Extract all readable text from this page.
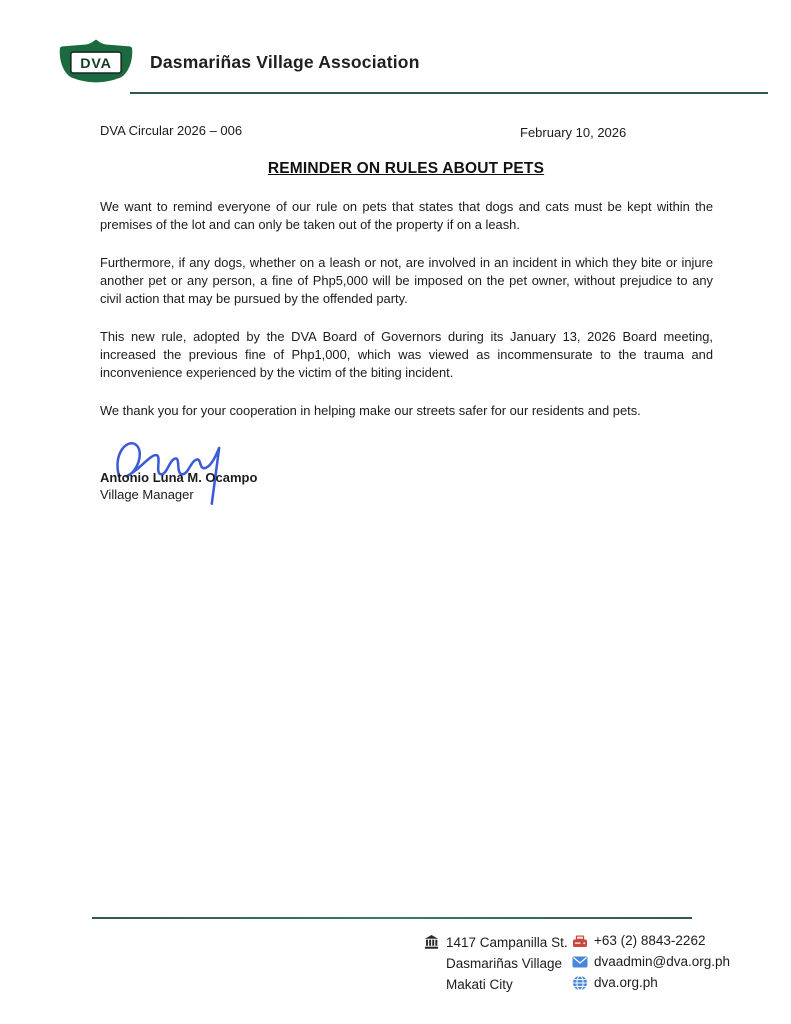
DVA Dasmariñas Village Association
DVA Circular 2026 – 006	February 10, 2026
REMINDER ON RULES ABOUT PETS

We want to remind everyone of our rule on pets that states that dogs and cats must be kept within the premises of the lot and can only be taken out of the property if on a leash.

Furthermore, if any dogs, whether on a leash or not, are involved in an incident in which they bite or injure another pet or any person, a fine of Php5,000 will be imposed on the pet owner, without prejudice to any civil action that may be pursued by the offended party.

This new rule, adopted by the DVA Board of Governors during its January 13, 2026 Board meeting, increased the previous fine of Php1,000, which was viewed as incommensurate to the trauma and inconvenience experienced by the victim of the biting incident.

We thank you for your cooperation in helping make our streets safer for our residents and pets.

Antonio Luna M. Ocampo
Village Manager
1417 Campanilla St.
Dasmariñas Village
Makati City
+63 (2) 8843-2262
dvaadmin@dva.org.ph
dva.org.ph
